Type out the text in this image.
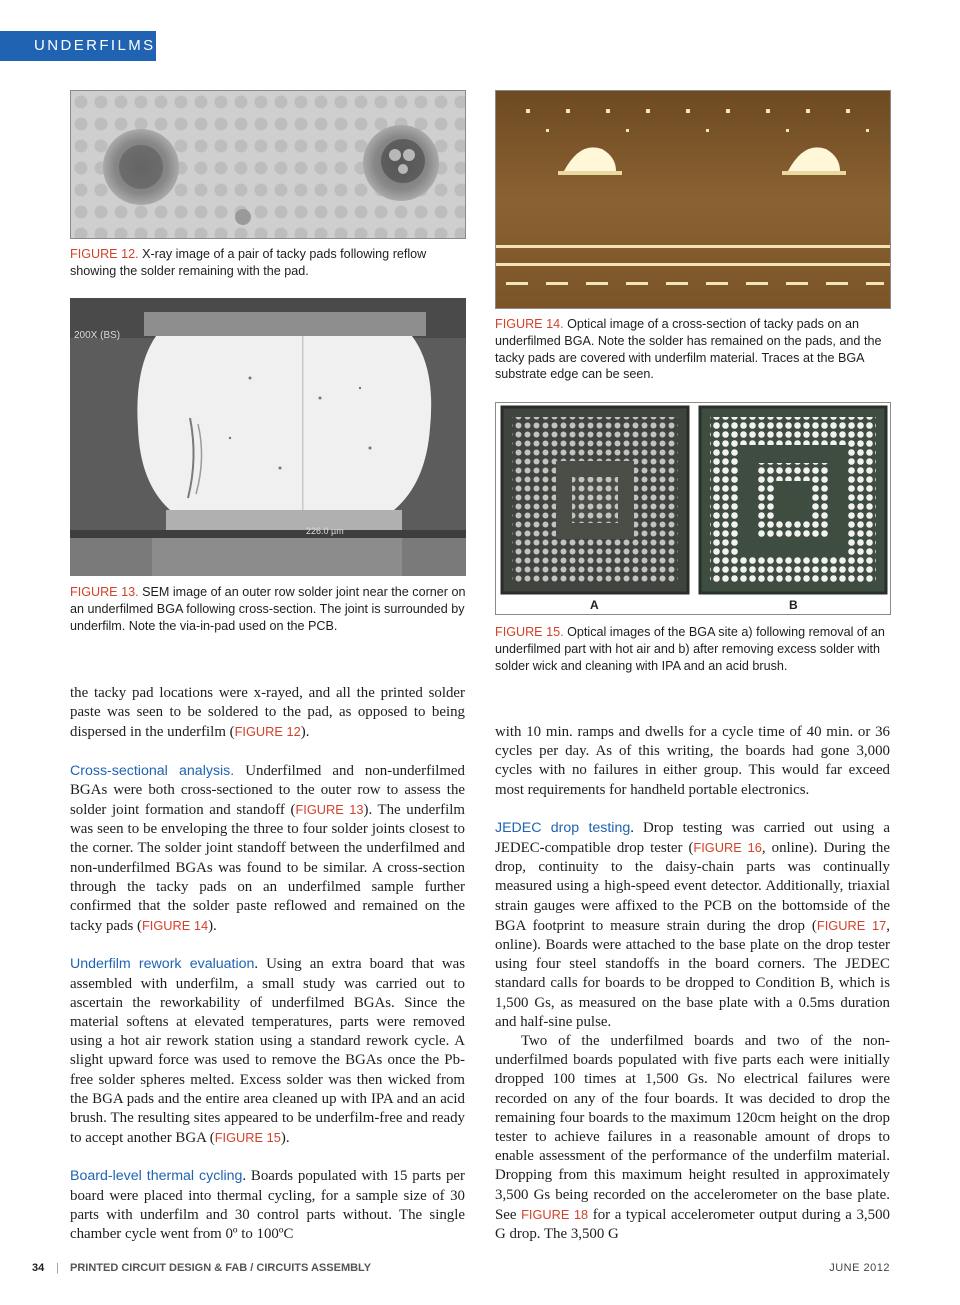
UNDERFILMS

FIGURE 12. X-ray image of a pair of tacky pads following reflow showing the solder remaining with the pad.

200X (BS)
226.0 µm

FIGURE 13. SEM image of an outer row solder joint near the corner on an underfilmed BGA following cross-section. The joint is surrounded by underfilm. Note the via-in-pad used on the PCB.

FIGURE 14. Optical image of a cross-section of tacky pads on an underfilmed BGA. Note the solder has remained on the pads, and the tacky pads are covered with underfilm material. Traces at the BGA substrate edge can be seen.

A	B

FIGURE 15. Optical images of the BGA site a) following removal of an underfilmed part with hot air and b) after removing excess solder with solder wick and cleaning with IPA and an acid brush.

the tacky pad locations were x-rayed, and all the printed solder paste was seen to be soldered to the pad, as opposed to being dispersed in the underfilm (FIGURE 12).

Cross-sectional analysis. Underfilmed and non-underfilmed BGAs were both cross-sectioned to the outer row to assess the solder joint formation and standoff (FIGURE 13). The underfilm was seen to be enveloping the three to four solder joints closest to the corner. The solder joint standoff between the underfilmed and non-underfilmed BGAs was found to be similar. A cross-section through the tacky pads on an underfilmed sample further confirmed that the solder paste reflowed and remained on the tacky pads (FIGURE 14).

Underfilm rework evaluation. Using an extra board that was assembled with underfilm, a small study was carried out to ascertain the reworkability of underfilmed BGAs. Since the material softens at elevated temperatures, parts were removed using a hot air rework station using a standard rework cycle. A slight upward force was used to remove the BGAs once the Pb-free solder spheres melted. Excess solder was then wicked from the BGA pads and the entire area cleaned up with IPA and an acid brush. The resulting sites appeared to be underfilm-free and ready to accept another BGA (FIGURE 15).

Board-level thermal cycling. Boards populated with 15 parts per board were placed into thermal cycling, for a sample size of 30 parts with underfilm and 30 control parts without. The single chamber cycle went from 0º to 100ºC

with 10 min. ramps and dwells for a cycle time of 40 min. or 36 cycles per day. As of this writing, the boards had gone 3,000 cycles with no failures in either group. This would far exceed most requirements for handheld portable electronics.

JEDEC drop testing. Drop testing was carried out using a JEDEC-compatible drop tester (FIGURE 16, online). During the drop, continuity to the daisy-chain parts was continually measured using a high-speed event detector. Additionally, triaxial strain gauges were affixed to the PCB on the bottomside of the BGA footprint to measure strain during the drop (FIGURE 17, online). Boards were attached to the base plate on the drop tester using four steel standoffs in the board corners. The JEDEC standard calls for boards to be dropped to Condition B, which is 1,500 Gs, as measured on the base plate with a 0.5ms duration and half-sine pulse.

Two of the underfilmed boards and two of the non-underfilmed boards populated with five parts each were initially dropped 100 times at 1,500 Gs. No electrical failures were recorded on any of the four boards. It was decided to drop the remaining four boards to the maximum 120cm height on the drop tester to achieve failures in a reasonable amount of drops to enable assessment of the performance of the underfilm material. Dropping from this maximum height resulted in approximately 3,500 Gs being recorded on the accelerometer on the base plate. See FIGURE 18 for a typical accelerometer output during a 3,500 G drop. The 3,500 G

34 | PRINTED CIRCUIT DESIGN & FAB / CIRCUITS ASSEMBLY	JUNE 2012
